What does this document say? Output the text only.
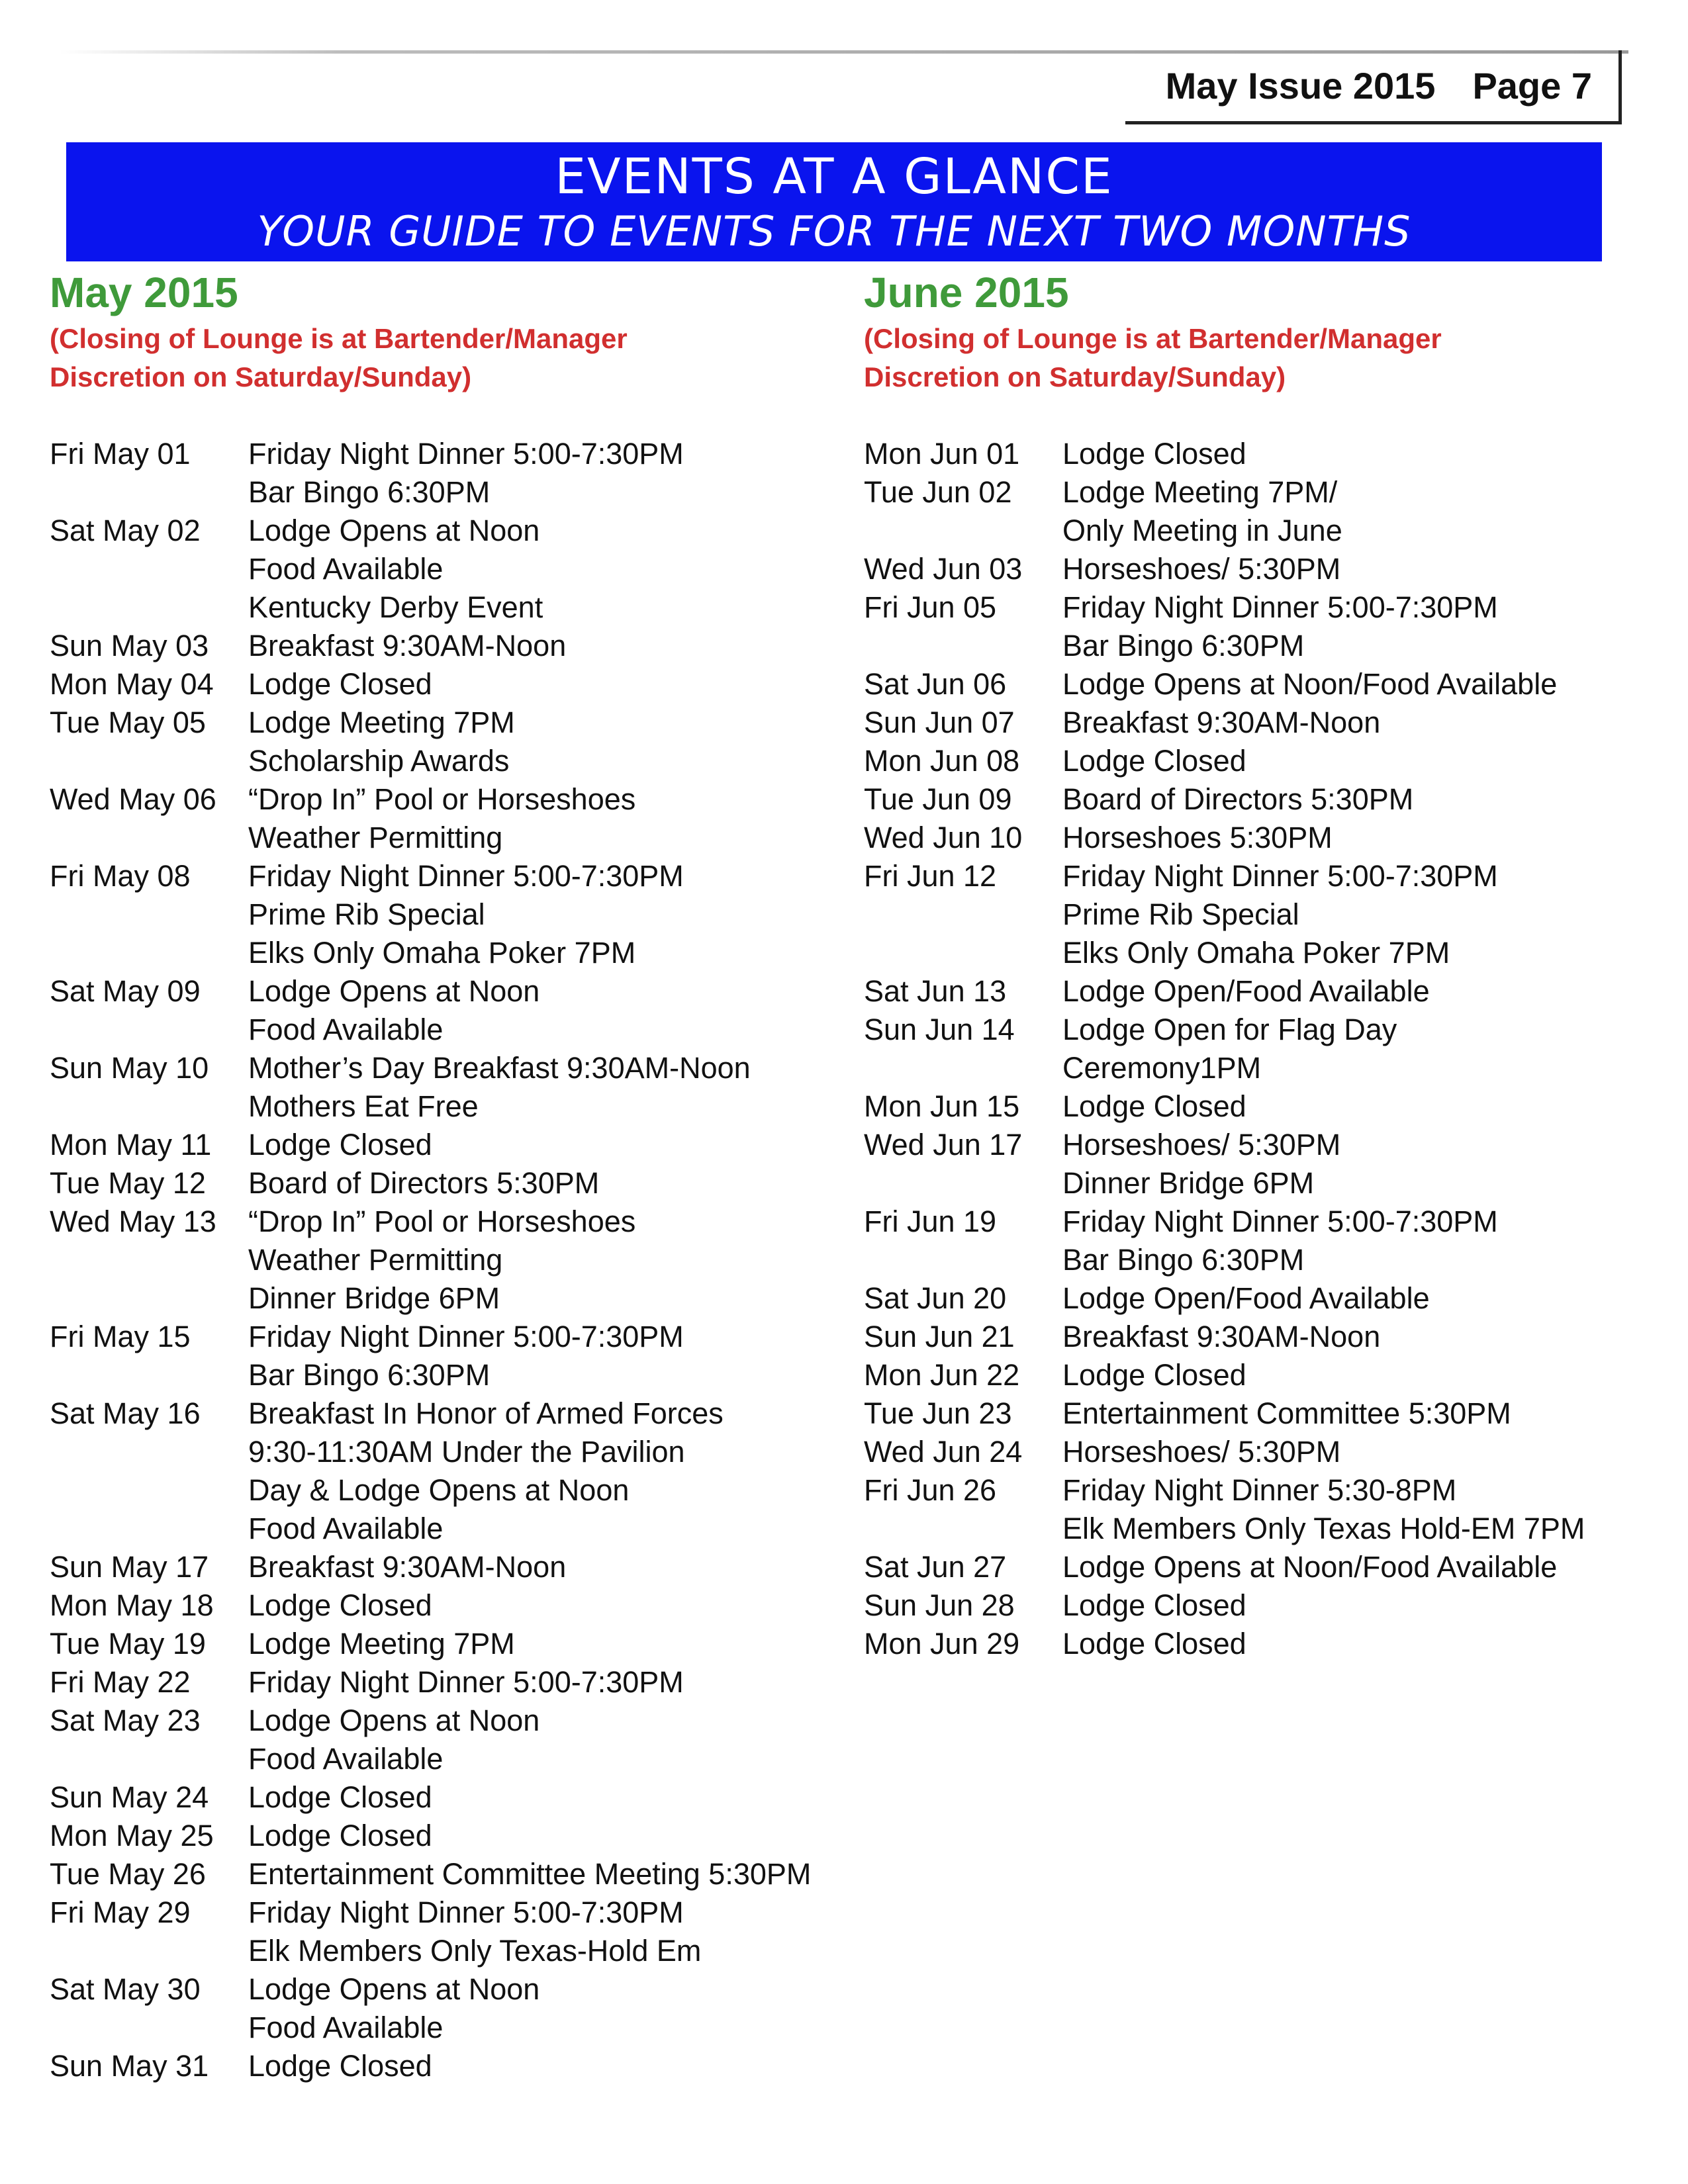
May Issue 2015 Page 7
EVENTS AT A GLANCE
YOUR GUIDE TO EVENTS FOR THE NEXT TWO MONTHS
May 2015
(Closing of Lounge is at Bartender/Manager
Discretion on Saturday/Sunday)
Fri May 01	Friday Night Dinner 5:00-7:30PM
Bar Bingo 6:30PM
Sat May 02	Lodge Opens at Noon
Food Available
Kentucky Derby Event
Sun May 03	Breakfast 9:30AM-Noon
Mon May 04	Lodge Closed
Tue May 05	Lodge Meeting 7PM
Scholarship Awards
Wed May 06	“Drop In” Pool or Horseshoes
Weather Permitting
Fri May 08	Friday Night Dinner 5:00-7:30PM
Prime Rib Special
Elks Only Omaha Poker 7PM
Sat May 09	Lodge Opens at Noon
Food Available
Sun May 10	Mother’s Day Breakfast 9:30AM-Noon
Mothers Eat Free
Mon May 11	Lodge Closed
Tue May 12	Board of Directors 5:30PM
Wed May 13	“Drop In” Pool or Horseshoes
Weather Permitting
Dinner Bridge 6PM
Fri May 15	Friday Night Dinner 5:00-7:30PM
Bar Bingo 6:30PM
Sat May 16	Breakfast In Honor of Armed Forces
9:30-11:30AM Under the Pavilion
Day & Lodge Opens at Noon
Food Available
Sun May 17	Breakfast 9:30AM-Noon
Mon May 18	Lodge Closed
Tue May 19	Lodge Meeting 7PM
Fri May 22	Friday Night Dinner 5:00-7:30PM
Sat May 23	Lodge Opens at Noon
Food Available
Sun May 24	Lodge Closed
Mon May 25	Lodge Closed
Tue May 26	Entertainment Committee Meeting 5:30PM
Fri May 29	Friday Night Dinner 5:00-7:30PM
Elk Members Only Texas-Hold Em
Sat May 30	Lodge Opens at Noon
Food Available
Sun May 31	Lodge Closed
June 2015
(Closing of Lounge is at Bartender/Manager
Discretion on Saturday/Sunday)
Mon Jun 01	Lodge Closed
Tue Jun 02	Lodge Meeting 7PM/
Only Meeting in June
Wed Jun 03	Horseshoes/ 5:30PM
Fri Jun 05	Friday Night Dinner 5:00-7:30PM
Bar Bingo 6:30PM
Sat Jun 06	Lodge Opens at Noon/Food Available
Sun Jun 07	Breakfast 9:30AM-Noon
Mon Jun 08	Lodge Closed
Tue Jun 09	Board of Directors 5:30PM
Wed Jun 10	Horseshoes 5:30PM
Fri Jun 12	Friday Night Dinner 5:00-7:30PM
Prime Rib Special
Elks Only Omaha Poker 7PM
Sat Jun 13	Lodge Open/Food Available
Sun Jun 14	Lodge Open for Flag Day
Ceremony1PM
Mon Jun 15	Lodge Closed
Wed Jun 17	Horseshoes/ 5:30PM
Dinner Bridge 6PM
Fri Jun 19	Friday Night Dinner 5:00-7:30PM
Bar Bingo 6:30PM
Sat Jun 20	Lodge Open/Food Available
Sun Jun 21	Breakfast 9:30AM-Noon
Mon Jun 22	Lodge Closed
Tue Jun 23	Entertainment Committee 5:30PM
Wed Jun 24	Horseshoes/ 5:30PM
Fri Jun 26	Friday Night Dinner 5:30-8PM
Elk Members Only Texas Hold-EM 7PM
Sat Jun 27	Lodge Opens at Noon/Food Available
Sun Jun 28	Lodge Closed
Mon Jun 29	Lodge Closed
